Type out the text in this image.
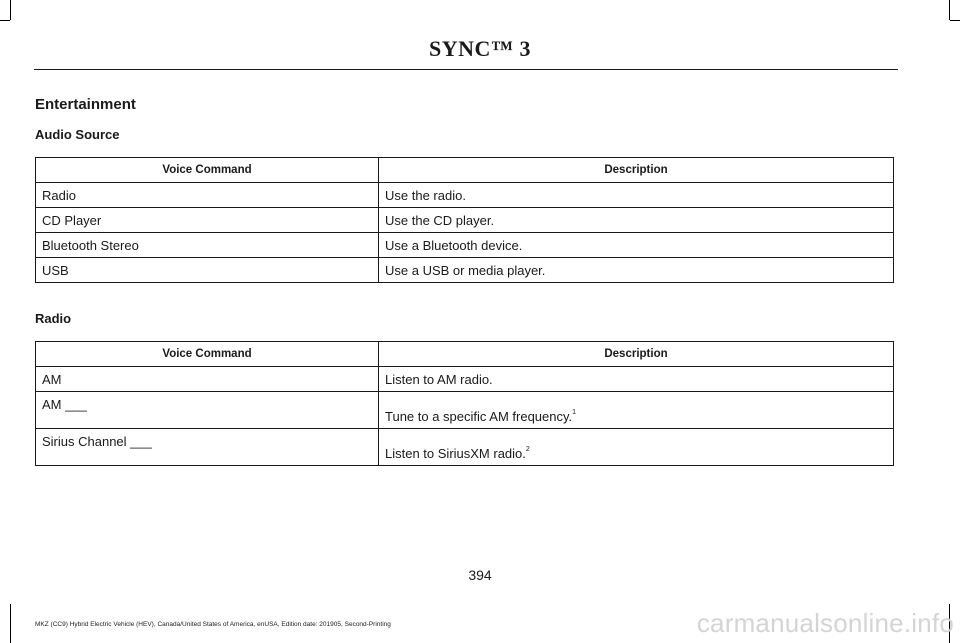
SYNC™ 3
Entertainment
Audio Source
Voice Command	Description
Radio	Use the radio.
CD Player	Use the CD player.
Bluetooth Stereo	Use a Bluetooth device.
USB	Use a USB or media player.
Radio
Voice Command	Description
AM	Listen to AM radio.
AM ___	Tune to a specific AM frequency.$^1$
Sirius Channel ___	Listen to SiriusXM radio.$^2$
394
MKZ (CC9) Hybrid Electric Vehicle (HEV), Canada/United States of America, enUSA, Edition date: 201905, Second-Printing	carmanualsonline.info
